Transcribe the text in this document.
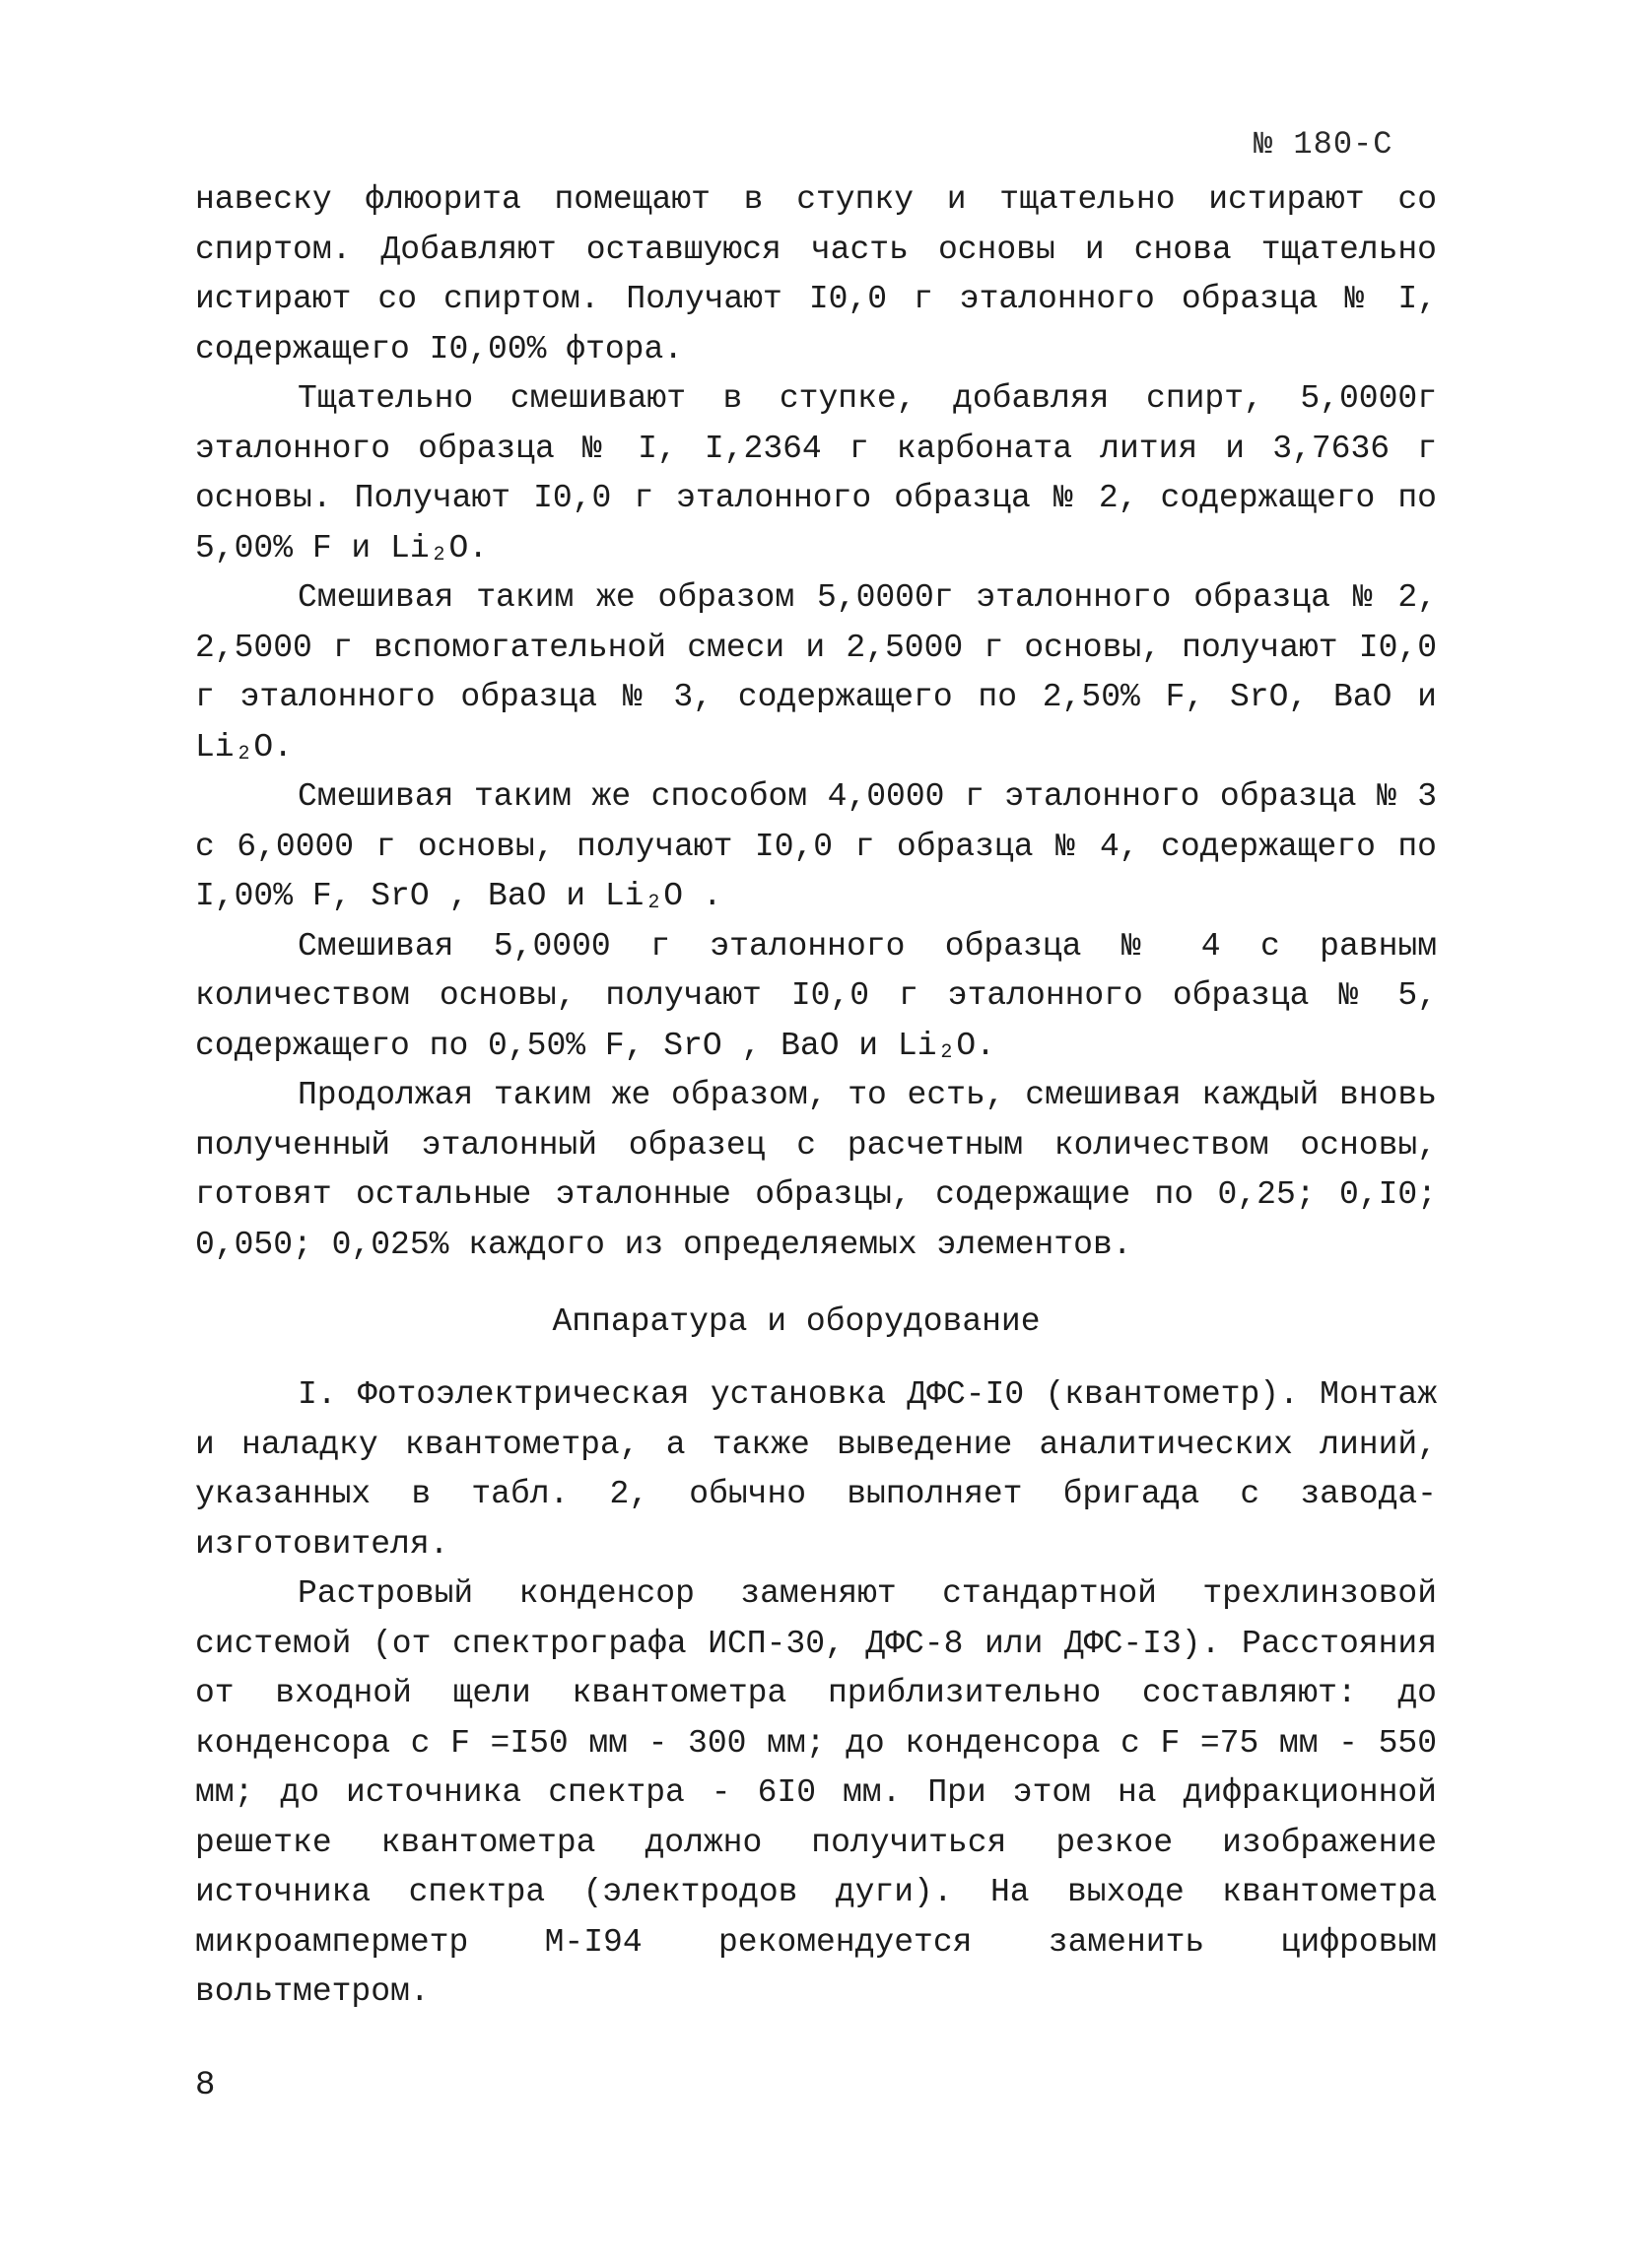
№ 180-С

навеску флюорита помещают в ступку и тщательно истирают со спиртом. Добавляют оставшуюся часть основы и снова тщательно истирают со спиртом. Получают I0,0 г эталонного образца № I, содержащего I0,00% фтора.

Тщательно смешивают в ступке, добавляя спирт, 5,0000г эталонного образца № I, I,2364 г карбоната лития и 3,7636 г основы. Получают I0,0 г эталонного образца № 2, содержащего по 5,00% F и Li₂O.

Смешивая таким же образом 5,0000г эталонного образца № 2, 2,5000 г вспомогательной смеси и 2,5000 г основы, получают I0,0 г эталонного образца № 3, содержащего по 2,50% F, SrO, BaO и Li₂O.

Смешивая таким же способом 4,0000 г эталонного образца № 3 с 6,0000 г основы, получают I0,0 г образца № 4, содержащего по I,00% F, SrO , BaO и Li₂O .

Смешивая 5,0000 г эталонного образца № 4 с равным количеством основы, получают I0,0 г эталонного образца № 5, содержащего по 0,50% F, SrO , BaO и Li₂O.

Продолжая таким же образом, то есть, смешивая каждый вновь полученный эталонный образец с расчетным количеством основы, готовят остальные эталонные образцы, содержащие по 0,25; 0,I0; 0,050; 0,025% каждого из определяемых элементов.

Аппаратура и оборудование

I. Фотоэлектрическая установка ДФС-I0 (квантометр). Монтаж и наладку квантометра, а также выведение аналитических линий, указанных в табл. 2, обычно выполняет бригада с завода-изготовителя.

Растровый конденсор заменяют стандартной трехлинзовой системой (от спектрографа ИСП-30, ДФС-8 или ДФС-I3). Расстояния от входной щели квантометра приблизительно составляют: до конденсора с F =I50 мм - 300 мм; до конденсора с F =75 мм - 550 мм; до источника спектра - 6I0 мм. При этом на дифракционной решетке квантометра должно получиться резкое изображение источника спектра (электродов дуги). На выходе квантометра микроамперметр М-I94 рекомендуется заменить цифровым вольтметром.

8
